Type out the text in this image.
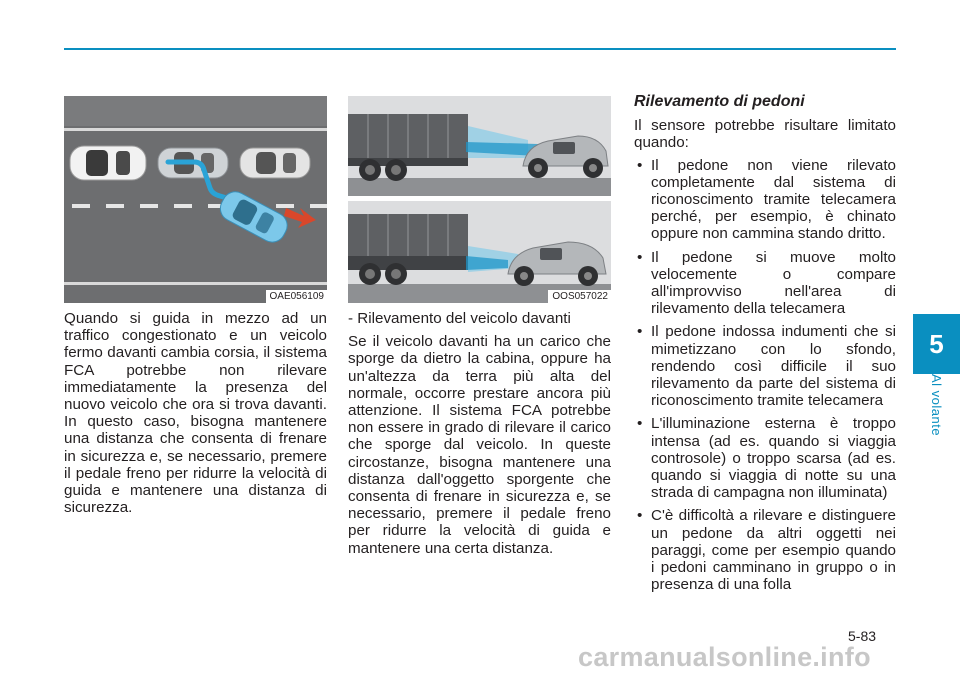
OAE056109	OOS057022

Quando si guida in mezzo ad un traffico congestionato e un veicolo fermo davanti cambia corsia, il sistema FCA potrebbe non rilevare immediatamente la presenza del nuovo veicolo che ora si trova davanti. In questo caso, bisogna mantenere una distanza che consenta di frenare in sicurezza e, se necessario, premere il pedale freno per ridurre la velocità di guida e mantenere una distanza di sicurezza.

- Rilevamento del veicolo davanti

Se il veicolo davanti ha un carico che sporge da dietro la cabina, oppure ha un'altezza da terra più alta del normale, occorre prestare ancora più attenzione. Il sistema FCA potrebbe non essere in grado di rilevare il carico che sporge dal veicolo. In queste circostanze, bisogna mantenere una distanza dall'oggetto sporgente che consenta di frenare in sicurezza e, se necessario, premere il pedale freno per ridurre la velocità di guida e mantenere una certa distanza.

Rilevamento di pedoni

Il sensore potrebbe risultare limitato quando:

• Il pedone non viene rilevato completamente dal sistema di riconoscimento tramite telecamera perché, per esempio, è chinato oppure non cammina stando dritto.
• Il pedone si muove molto velocemente o compare all'improvviso nell'area di rilevamento della telecamera
• Il pedone indossa indumenti che si mimetizzano con lo sfondo, rendendo così difficile il suo rilevamento da parte del sistema di riconoscimento tramite telecamera
• L'illuminazione esterna è troppo intensa (ad es. quando si viaggia controsole) o troppo scarsa (ad es. quando si viaggia di notte su una strada di campagna non illuminata)
• C'è difficoltà a rilevare e distinguere un pedone da altri oggetti nei paraggi, come per esempio quando i pedoni camminano in gruppo o in presenza di una folla
5
Al volante
5-83
carmanualsonline.info
